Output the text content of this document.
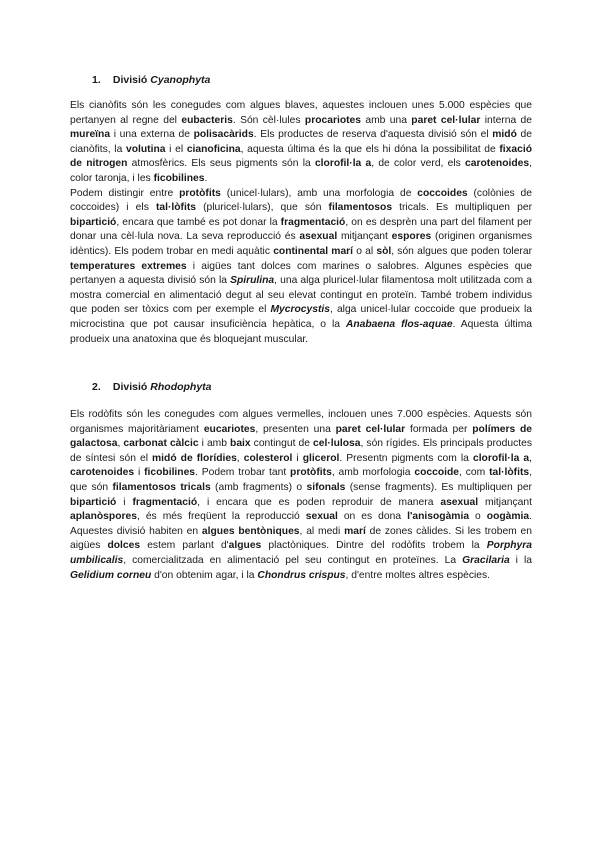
1. Divisió Cyanophyta

Els cianòfits són les conegudes com algues blaves, aquestes inclouen unes 5.000 espècies que pertanyen al regne del eubacteris. Són cèl·lules procariotes amb una paret cel·lular interna de mureïna i una externa de polisacàrids. Els productes de reserva d'aquesta divisió són el midó de cianòfits, la volutina i el cianoficina, aquesta última és la que els hi dóna la possibilitat de fixació de nitrogen atmosfèrics. Els seus pigments són la clorofil·la a, de color verd, els carotenoides, color taronja, i les ficobilines.

Podem distingir entre protòfits (unicel·lulars), amb una morfologia de coccoides (colònies de coccoides) i els tal·lòfits (pluricel·lulars), que són filamentosos tricals. Es multipliquen per bipartició, encara que també es pot donar la fragmentació, on es desprèn una part del filament per donar una cèl·lula nova. La seva reproducció és asexual mitjançant espores (originen organismes idèntics). Els podem trobar en medi aquàtic continental marí o al sòl, són algues que poden tolerar temperatures extremes i aigües tant dolces com marines o salobres. Algunes espècies que pertanyen a aquesta divisió són la Spirulina, una alga pluricel·lular filamentosa molt utilitzada com a mostra comercial en alimentació degut al seu elevat contingut en proteïn. També trobem individus que poden ser tòxics com per exemple el Mycrocystis, alga unicel·lular coccoide que produeix la microcistina que pot causar insuficiència hepàtica, o la Anabaena flos-aquae. Aquesta última produeix una anatoxina que és bloquejant muscular.

2. Divisió Rhodophyta

Els rodòfits són les conegudes com algues vermelles, inclouen unes 7.000 espècies. Aquests són organismes majoritàriament eucariotes, presenten una paret cel·lular formada per polímers de galactosa, carbonat càlcic i amb baix contingut de cel·lulosa, són rígides. Els principals productes de síntesi són el midó de florídies, colesterol i glicerol. Presentn pigments com la clorofil·la a, carotenoides i ficobilines. Podem trobar tant protòfits, amb morfologia coccoide, com tal·lòfits, que són filamentosos tricals (amb fragments) o sifonals (sense fragments). Es multipliquen per bipartició i fragmentació, i encara que es poden reproduir de manera asexual mitjançant aplanòspores, és més freqüent la reproducció sexual on es dona l'anisogàmia o oogàmia. Aquestes divisió habiten en algues bentòniques, al medi marí de zones càlides. Si les trobem en aigües dolces estem parlant d'algues plactòniques. Dintre del rodòfits trobem la Porphyra umbilicalis, comercialitzada en alimentació pel seu contingut en proteïnes. La Gracilaria i la Gelidium corneu d'on obtenim agar, i la Chondrus crispus, d'entre moltes altres espècies.
